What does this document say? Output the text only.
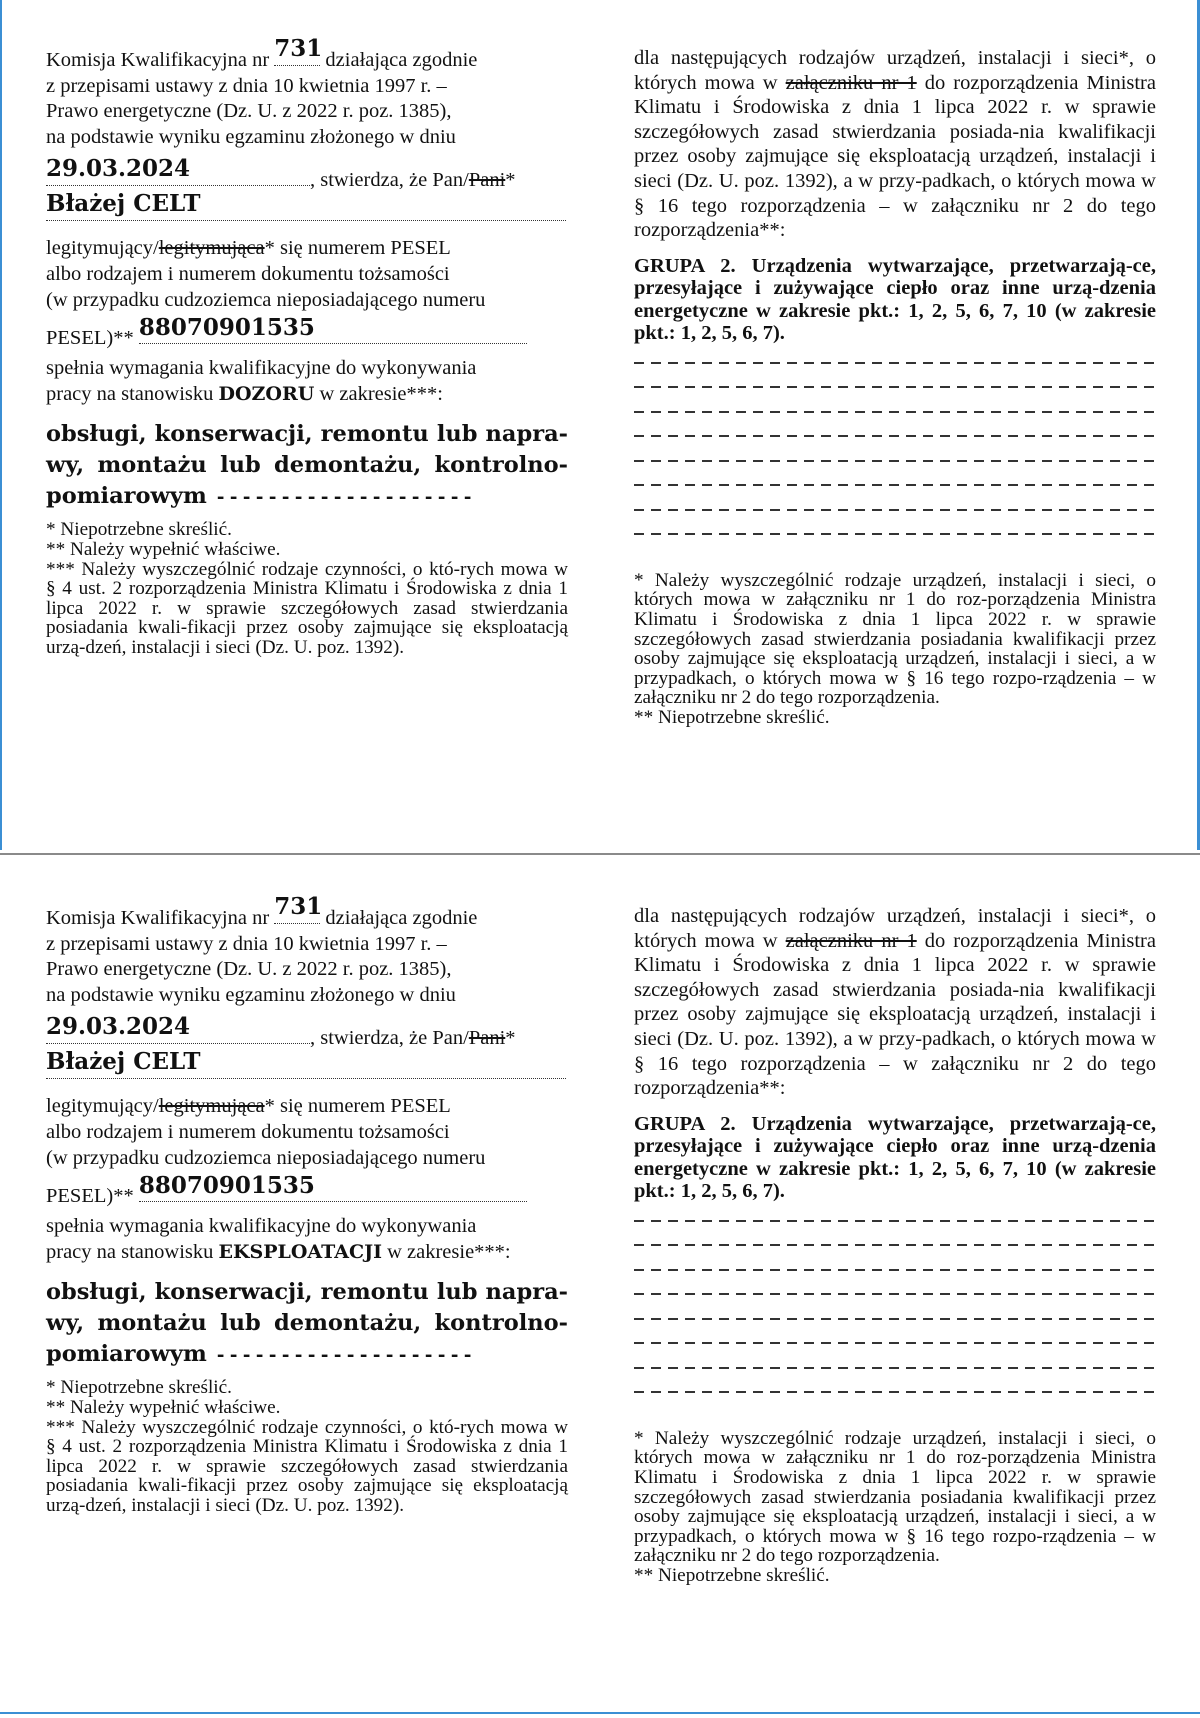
Komisja Kwalifikacyjna nr 731 działająca zgodnie

z przepisami ustawy z dnia 10 kwietnia 1997 r. –

Prawo energetyczne (Dz. U. z 2022 r. poz. 1385),

na podstawie wyniku egzaminu złożonego w dniu

29.03.2024	, stwierdza, że Pan/Pani*
Błażej CELT

legitymujący/legitymująca* się numerem PESEL

albo rodzajem i numerem dokumentu tożsamości

(w przypadku cudzoziemca nieposiadającego numeru

PESEL)** 88070901535

spełnia wymagania kwalifikacyjne do wykonywania

pracy na stanowisku DOZORU w zakresie***:

obsługi, konserwacji, remontu lub napra-wy, montażu lub demontażu, kontrolno-pomiarowym --------------------

* Niepotrzebne skreślić.

** Należy wypełnić właściwe.

*** Należy wyszczególnić rodzaje czynności, o któ-rych mowa w § 4 ust. 2 rozporządzenia Ministra Klimatu i Środowiska z dnia 1 lipca 2022 r. w sprawie szczegółowych zasad stwierdzania posiadania kwali-fikacji przez osoby zajmujące się eksploatacją urzą-dzeń, instalacji i sieci (Dz. U. poz. 1392).

dla następujących rodzajów urządzeń, instalacji i sieci*, o których mowa w załączniku nr 1 do rozporządzenia Ministra Klimatu i Środowiska z dnia 1 lipca 2022 r. w sprawie szczegółowych zasad stwierdzania posiada-nia kwalifikacji przez osoby zajmujące się eksploatacją urządzeń, instalacji i sieci (Dz. U. poz. 1392), a w przy-padkach, o których mowa w § 16 tego rozporządzenia – w załączniku nr 2 do tego rozporządzenia**:
GRUPA 2. Urządzenia wytwarzające, przetwarzają-ce, przesyłające i zużywające ciepło oraz inne urzą-dzenia energetyczne w zakresie pkt.: 1, 2, 5, 6, 7, 10 (w zakresie pkt.: 1, 2, 5, 6, 7).

* Należy wyszczególnić rodzaje urządzeń, instalacji i sieci, o których mowa w załączniku nr 1 do roz-porządzenia Ministra Klimatu i Środowiska z dnia 1 lipca 2022 r. w sprawie szczegółowych zasad stwierdzania posiadania kwalifikacji przez osoby zajmujące się eksploatacją urządzeń, instalacji i sieci, a w przypadkach, o których mowa w § 16 tego rozpo-rządzenia – w załączniku nr 2 do tego rozporządzenia.

** Niepotrzebne skreślić.

Komisja Kwalifikacyjna nr 731 działająca zgodnie

z przepisami ustawy z dnia 10 kwietnia 1997 r. –

Prawo energetyczne (Dz. U. z 2022 r. poz. 1385),

na podstawie wyniku egzaminu złożonego w dniu

29.03.2024	, stwierdza, że Pan/Pani*
Błażej CELT

legitymujący/legitymująca* się numerem PESEL

albo rodzajem i numerem dokumentu tożsamości

(w przypadku cudzoziemca nieposiadającego numeru

PESEL)** 88070901535

spełnia wymagania kwalifikacyjne do wykonywania

pracy na stanowisku EKSPLOATACJI w zakresie***:

obsługi, konserwacji, remontu lub napra-wy, montażu lub demontażu, kontrolno-pomiarowym --------------------

* Niepotrzebne skreślić.

** Należy wypełnić właściwe.

*** Należy wyszczególnić rodzaje czynności, o któ-rych mowa w § 4 ust. 2 rozporządzenia Ministra Klimatu i Środowiska z dnia 1 lipca 2022 r. w sprawie szczegółowych zasad stwierdzania posiadania kwali-fikacji przez osoby zajmujące się eksploatacją urzą-dzeń, instalacji i sieci (Dz. U. poz. 1392).

dla następujących rodzajów urządzeń, instalacji i sieci*, o których mowa w załączniku nr 1 do rozporządzenia Ministra Klimatu i Środowiska z dnia 1 lipca 2022 r. w sprawie szczegółowych zasad stwierdzania posiada-nia kwalifikacji przez osoby zajmujące się eksploatacją urządzeń, instalacji i sieci (Dz. U. poz. 1392), a w przy-padkach, o których mowa w § 16 tego rozporządzenia – w załączniku nr 2 do tego rozporządzenia**:
GRUPA 2. Urządzenia wytwarzające, przetwarzają-ce, przesyłające i zużywające ciepło oraz inne urzą-dzenia energetyczne w zakresie pkt.: 1, 2, 5, 6, 7, 10 (w zakresie pkt.: 1, 2, 5, 6, 7).

* Należy wyszczególnić rodzaje urządzeń, instalacji i sieci, o których mowa w załączniku nr 1 do roz-porządzenia Ministra Klimatu i Środowiska z dnia 1 lipca 2022 r. w sprawie szczegółowych zasad stwierdzania posiadania kwalifikacji przez osoby zajmujące się eksploatacją urządzeń, instalacji i sieci, a w przypadkach, o których mowa w § 16 tego rozpo-rządzenia – w załączniku nr 2 do tego rozporządzenia.

** Niepotrzebne skreślić.
